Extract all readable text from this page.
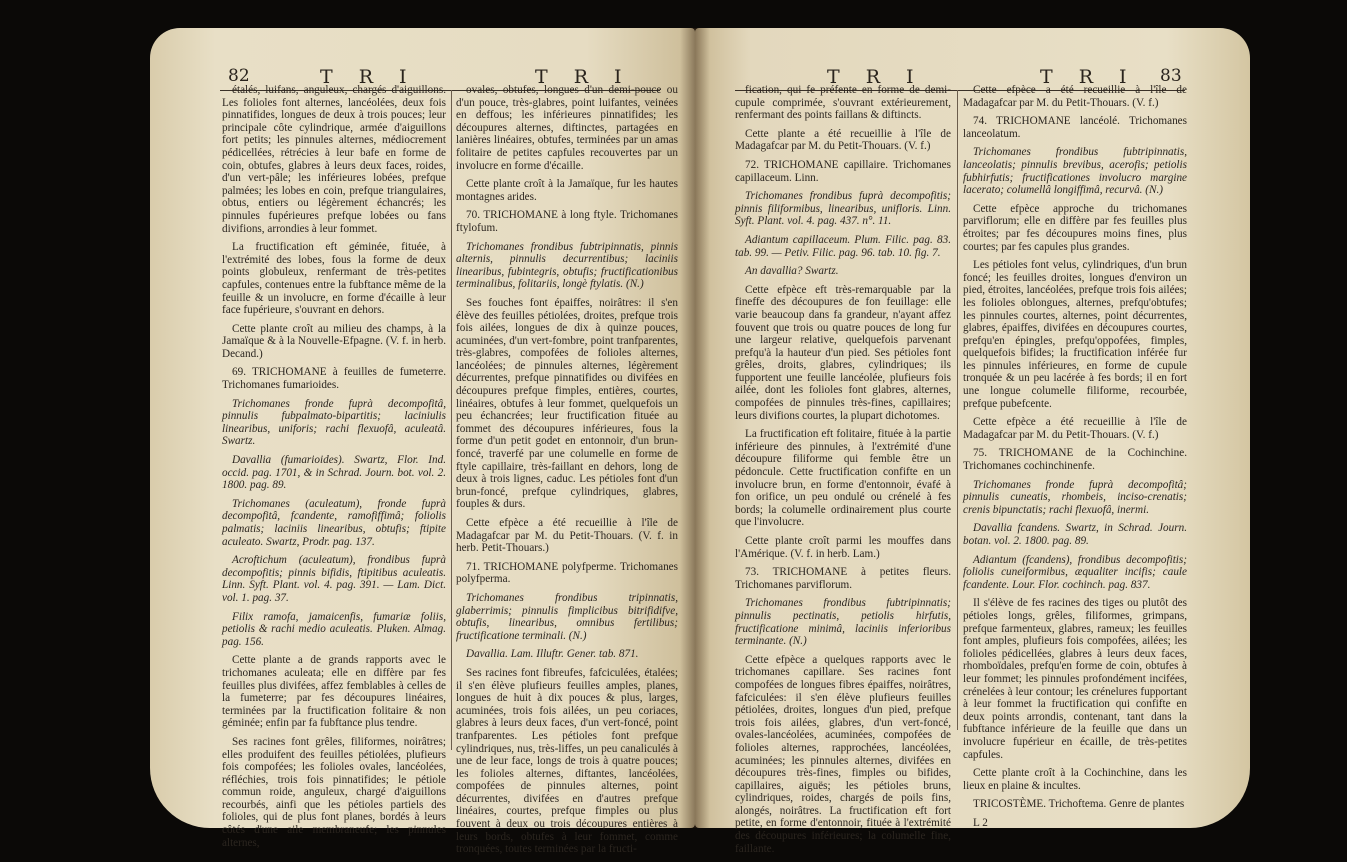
82	T R I	T R I

étalés, luifans, anguleux, chargés d'aiguillons. Les folioles font alternes, lancéolées, deux fois pinnatifides, longues de deux à trois pouces; leur principale côte cylindrique, armée d'aiguillons fort petits; les pinnules alternes, médiocrement pédicellées, rétrécies à leur bafe en forme de coin, obtufes, glabres à leurs deux faces, roides, d'un vert-pâle; les inférieures lobées, prefque palmées; les lobes en coin, prefque triangulaires, obtus, entiers ou légèrement échancrés; les pinnules fupérieures prefque lobées ou fans divifions, arrondies à leur fommet.

La fructification eft géminée, fituée, à l'extrémité des lobes, fous la forme de deux points globuleux, renfermant de très-petites capfules, contenues entre la fubftance même de la feuille & un involucre, en forme d'écaille à leur face fupérieure, s'ouvrant en dehors.

Cette plante croît au milieu des champs, à la Jamaïque & à la Nouvelle-Efpagne. (V. f. in herb. Decand.)

69. TRICHOMANE à feuilles de fumeterre. Trichomanes fumarioides.

Trichomanes fronde fuprà decompofitâ, pinnulis fubpalmato-bipartitis; laciniulis linearibus, uniforis; rachi flexuofâ, aculeatâ. Swartz.

Davallia (fumarioides). Swartz, Flor. Ind. occid. pag. 1701, & in Schrad. Journ. bot. vol. 2. 1800. pag. 89.

Trichomanes (aculeatum), fronde fuprà decompofitâ, fcandente, ramofiffimâ; foliolis palmatis; laciniis linearibus, obtufis; ftipite aculeato. Swartz, Prodr. pag. 137.

Acroftichum (aculeatum), frondibus fuprà decompofitis; pinnis bifidis, ftipitibus aculeatis. Linn. Syft. Plant. vol. 4. pag. 391. — Lam. Dict. vol. 1. pag. 37.

Filix ramofa, jamaicenfis, fumariæ foliis, petiolis & rachi medio aculeatis. Pluken. Almag. pag. 156.

Cette plante a de grands rapports avec le trichomanes aculeata; elle en diffère par fes feuilles plus divifées, affez femblables à celles de la fumeterre; par fes découpures linéaires, terminées par la fructification folitaire & non géminée; enfin par fa fubftance plus tendre.

Ses racines font grêles, filiformes, noirâtres; elles produifent des feuilles pétiolées, plufieurs fois compofées; les folioles ovales, lancéolées, réfléchies, trois fois pinnatifides; le pétiole commun roide, anguleux, chargé d'aiguillons recourbés, ainfi que les pétioles partiels des folioles, qui de plus font planes, bordés à leurs côtés d'une aile membraneufe; les pinnules alternes,

ovales, obtufes, longues d'un demi-pouce ou d'un pouce, très-glabres, point luifantes, veinées en deffous; les inférieures pinnatifides; les découpures alternes, diftinctes, partagées en lanières linéaires, obtufes, terminées par un amas folitaire de petites capfules recouvertes par un involucre en forme d'écaille.

Cette plante croît à la Jamaïque, fur les hautes montagnes arides.

70. TRICHOMANE à long ftyle. Trichomanes ftylofum.

Trichomanes frondibus fubtripinnatis, pinnis alternis, pinnulis decurrentibus; laciniis linearibus, fubintegris, obtufis; fructificationibus terminalibus, folitariis, longè ftylatis. (N.)

Ses fouches font épaiffes, noirâtres: il s'en élève des feuilles pétiolées, droites, prefque trois fois ailées, longues de dix à quinze pouces, acuminées, d'un vert-fombre, point tranfparentes, très-glabres, compofées de folioles alternes, lancéolées; de pinnules alternes, légèrement décurrentes, prefque pinnatifides ou divifées en découpures prefque fimples, entières, courtes, linéaires, obtufes à leur fommet, quelquefois un peu échancrées; leur fructification fituée au fommet des découpures inférieures, fous la forme d'un petit godet en entonnoir, d'un brun-foncé, traverfé par une columelle en forme de ftyle capillaire, très-faillant en dehors, long de deux à trois lignes, caduc. Les pétioles font d'un brun-foncé, prefque cylindriques, glabres, fouples & durs.

Cette efpèce a été recueillie à l'île de Madagafcar par M. du Petit-Thouars. (V. f. in herb. Petit-Thouars.)

71. TRICHOMANE polyfperme. Trichomanes polyfperma.

Trichomanes frondibus tripinnatis, glaberrimis; pinnulis fimplicibus bitrifidifve, obtufis, linearibus, omnibus fertilibus; fructificatione terminali. (N.)

Davallia. Lam. Illuftr. Gener. tab. 871.

Ses racines font fibreufes, fafciculées, étalées; il s'en élève plufieurs feuilles amples, planes, longues de huit à dix pouces & plus, larges, acuminées, trois fois ailées, un peu coriaces, glabres à leurs deux faces, d'un vert-foncé, point tranfparentes. Les pétioles font prefque cylindriques, nus, très-liffes, un peu canaliculés à une de leur face, longs de trois à quatre pouces; les folioles alternes, diftantes, lancéolées, compofées de pinnules alternes, point décurrentes, divifées en d'autres prefque linéaires, courtes, prefque fimples ou plus fouvent à deux ou trois découpures entières à leurs bords, obtufes à leur fommet, comme tronquées, toutes terminées par la fructi-

T R I	T R I 83

fication, qui fe préfente en forme de demi-cupule comprimée, s'ouvrant extérieurement, renfermant des points faillans & diftincts.

Cette plante a été recueillie à l'île de Madagafcar par M. du Petit-Thouars. (V. f.)

72. TRICHOMANE capillaire. Trichomanes capillaceum. Linn.

Trichomanes frondibus fuprà decompofitis; pinnis filiformibus, linearibus, unifloris. Linn. Syft. Plant. vol. 4. pag. 437. n°. 11.

Adiantum capillaceum. Plum. Filic. pag. 83. tab. 99. — Petiv. Filic. pag. 96. tab. 10. fig. 7.

An davallia? Swartz.

Cette efpèce eft très-remarquable par la fineffe des découpures de fon feuillage: elle varie beaucoup dans fa grandeur, n'ayant affez fouvent que trois ou quatre pouces de long fur une largeur relative, quelquefois parvenant prefqu'à la hauteur d'un pied. Ses pétioles font grêles, droits, glabres, cylindriques; ils fupportent une feuille lancéolée, plufieurs fois ailée, dont les folioles font glabres, alternes, compofées de pinnules très-fines, capillaires; leurs divifions courtes, la plupart dichotomes.

La fructification eft folitaire, fituée à la partie inférieure des pinnules, à l'extrémité d'une découpure filiforme qui femble être un pédoncule. Cette fructification confifte en un involucre brun, en forme d'entonnoir, évafé à fon orifice, un peu ondulé ou crénelé à fes bords; la columelle ordinairement plus courte que l'involucre.

Cette plante croît parmi les mouffes dans l'Amérique. (V. f. in herb. Lam.)

73. TRICHOMANE à petites fleurs. Trichomanes parviflorum.

Trichomanes frondibus fubtripinnatis; pinnulis pectinatis, petiolis hirfutis, fructificatione minimâ, laciniis inferioribus terminante. (N.)

Cette efpèce a quelques rapports avec le trichomanes capillare. Ses racines font compofées de longues fibres épaiffes, noirâtres, fafciculées: il s'en élève plufieurs feuilles pétiolées, droites, longues d'un pied, prefque trois fois ailées, glabres, d'un vert-foncé, ovales-lancéolées, acuminées, compofées de folioles alternes, rapprochées, lancéolées, acuminées; les pinnules alternes, divifées en découpures très-fines, fimples ou bifides, capillaires, aiguës; les pétioles bruns, cylindriques, roides, chargés de poils fins, alongés, noirâtres. La fructification eft fort petite, en forme d'entonnoir, fituée à l'extrémité des découpures inférieures; la columelle fine, faillante.

Cette efpèce a été recueillie à l'île de Madagafcar par M. du Petit-Thouars. (V. f.)

74. TRICHOMANE lancéolé. Trichomanes lanceolatum.

Trichomanes frondibus fubtripinnatis, lanceolatis; pinnulis brevibus, acerofis; petiolis fubhirfutis; fructificationes involucro margine lacerato; columellâ longiffimâ, recurvâ. (N.)

Cette efpèce approche du trichomanes parviflorum; elle en diffère par fes feuilles plus étroites; par fes découpures moins fines, plus courtes; par fes capules plus grandes.

Les pétioles font velus, cylindriques, d'un brun foncé; les feuilles droites, longues d'environ un pied, étroites, lancéolées, prefque trois fois ailées; les folioles oblongues, alternes, prefqu'obtufes; les pinnules courtes, alternes, point décurrentes, glabres, épaiffes, divifées en découpures courtes, prefqu'en épingles, prefqu'oppofées, fimples, quelquefois bifides; la fructification inférée fur les pinnules inférieures, en forme de cupule tronquée & un peu lacérée à fes bords; il en fort une longue columelle filiforme, recourbée, prefque pubefcente.

Cette efpèce a été recueillie à l'île de Madagafcar par M. du Petit-Thouars. (V. f.)

75. TRICHOMANE de la Cochinchine. Trichomanes cochinchinenfe.

Trichomanes fronde fuprà decompofitâ; pinnulis cuneatis, rhombeis, inciso-crenatis; crenis bipunctatis; rachi flexuofâ, inermi.

Davallia fcandens. Swartz, in Schrad. Journ. botan. vol. 2. 1800. pag. 89.

Adiantum (fcandens), frondibus decompofitis; foliolis cuneiformibus, æqualiter incifis; caule fcandente. Lour. Flor. cochinch. pag. 837.

Il s'élève de fes racines des tiges ou plutôt des pétioles longs, grêles, filiformes, grimpans, prefque farmenteux, glabres, rameux; les feuilles font amples, plufieurs fois compofées, ailées; les folioles pédicellées, glabres à leurs deux faces, rhomboïdales, prefqu'en forme de coin, obtufes à leur fommet; les pinnules profondément incifées, crénelées à leur contour; les crénelures fupportant à leur fommet la fructification qui confifte en deux points arrondis, contenant, tant dans la fubftance inférieure de la feuille que dans un involucre fupérieur en écaille, de très-petites capfules.

Cette plante croît à la Cochinchine, dans les lieux en plaine & incultes.

TRICOSTÈME. Trichoftema. Genre de plantes

L 2
